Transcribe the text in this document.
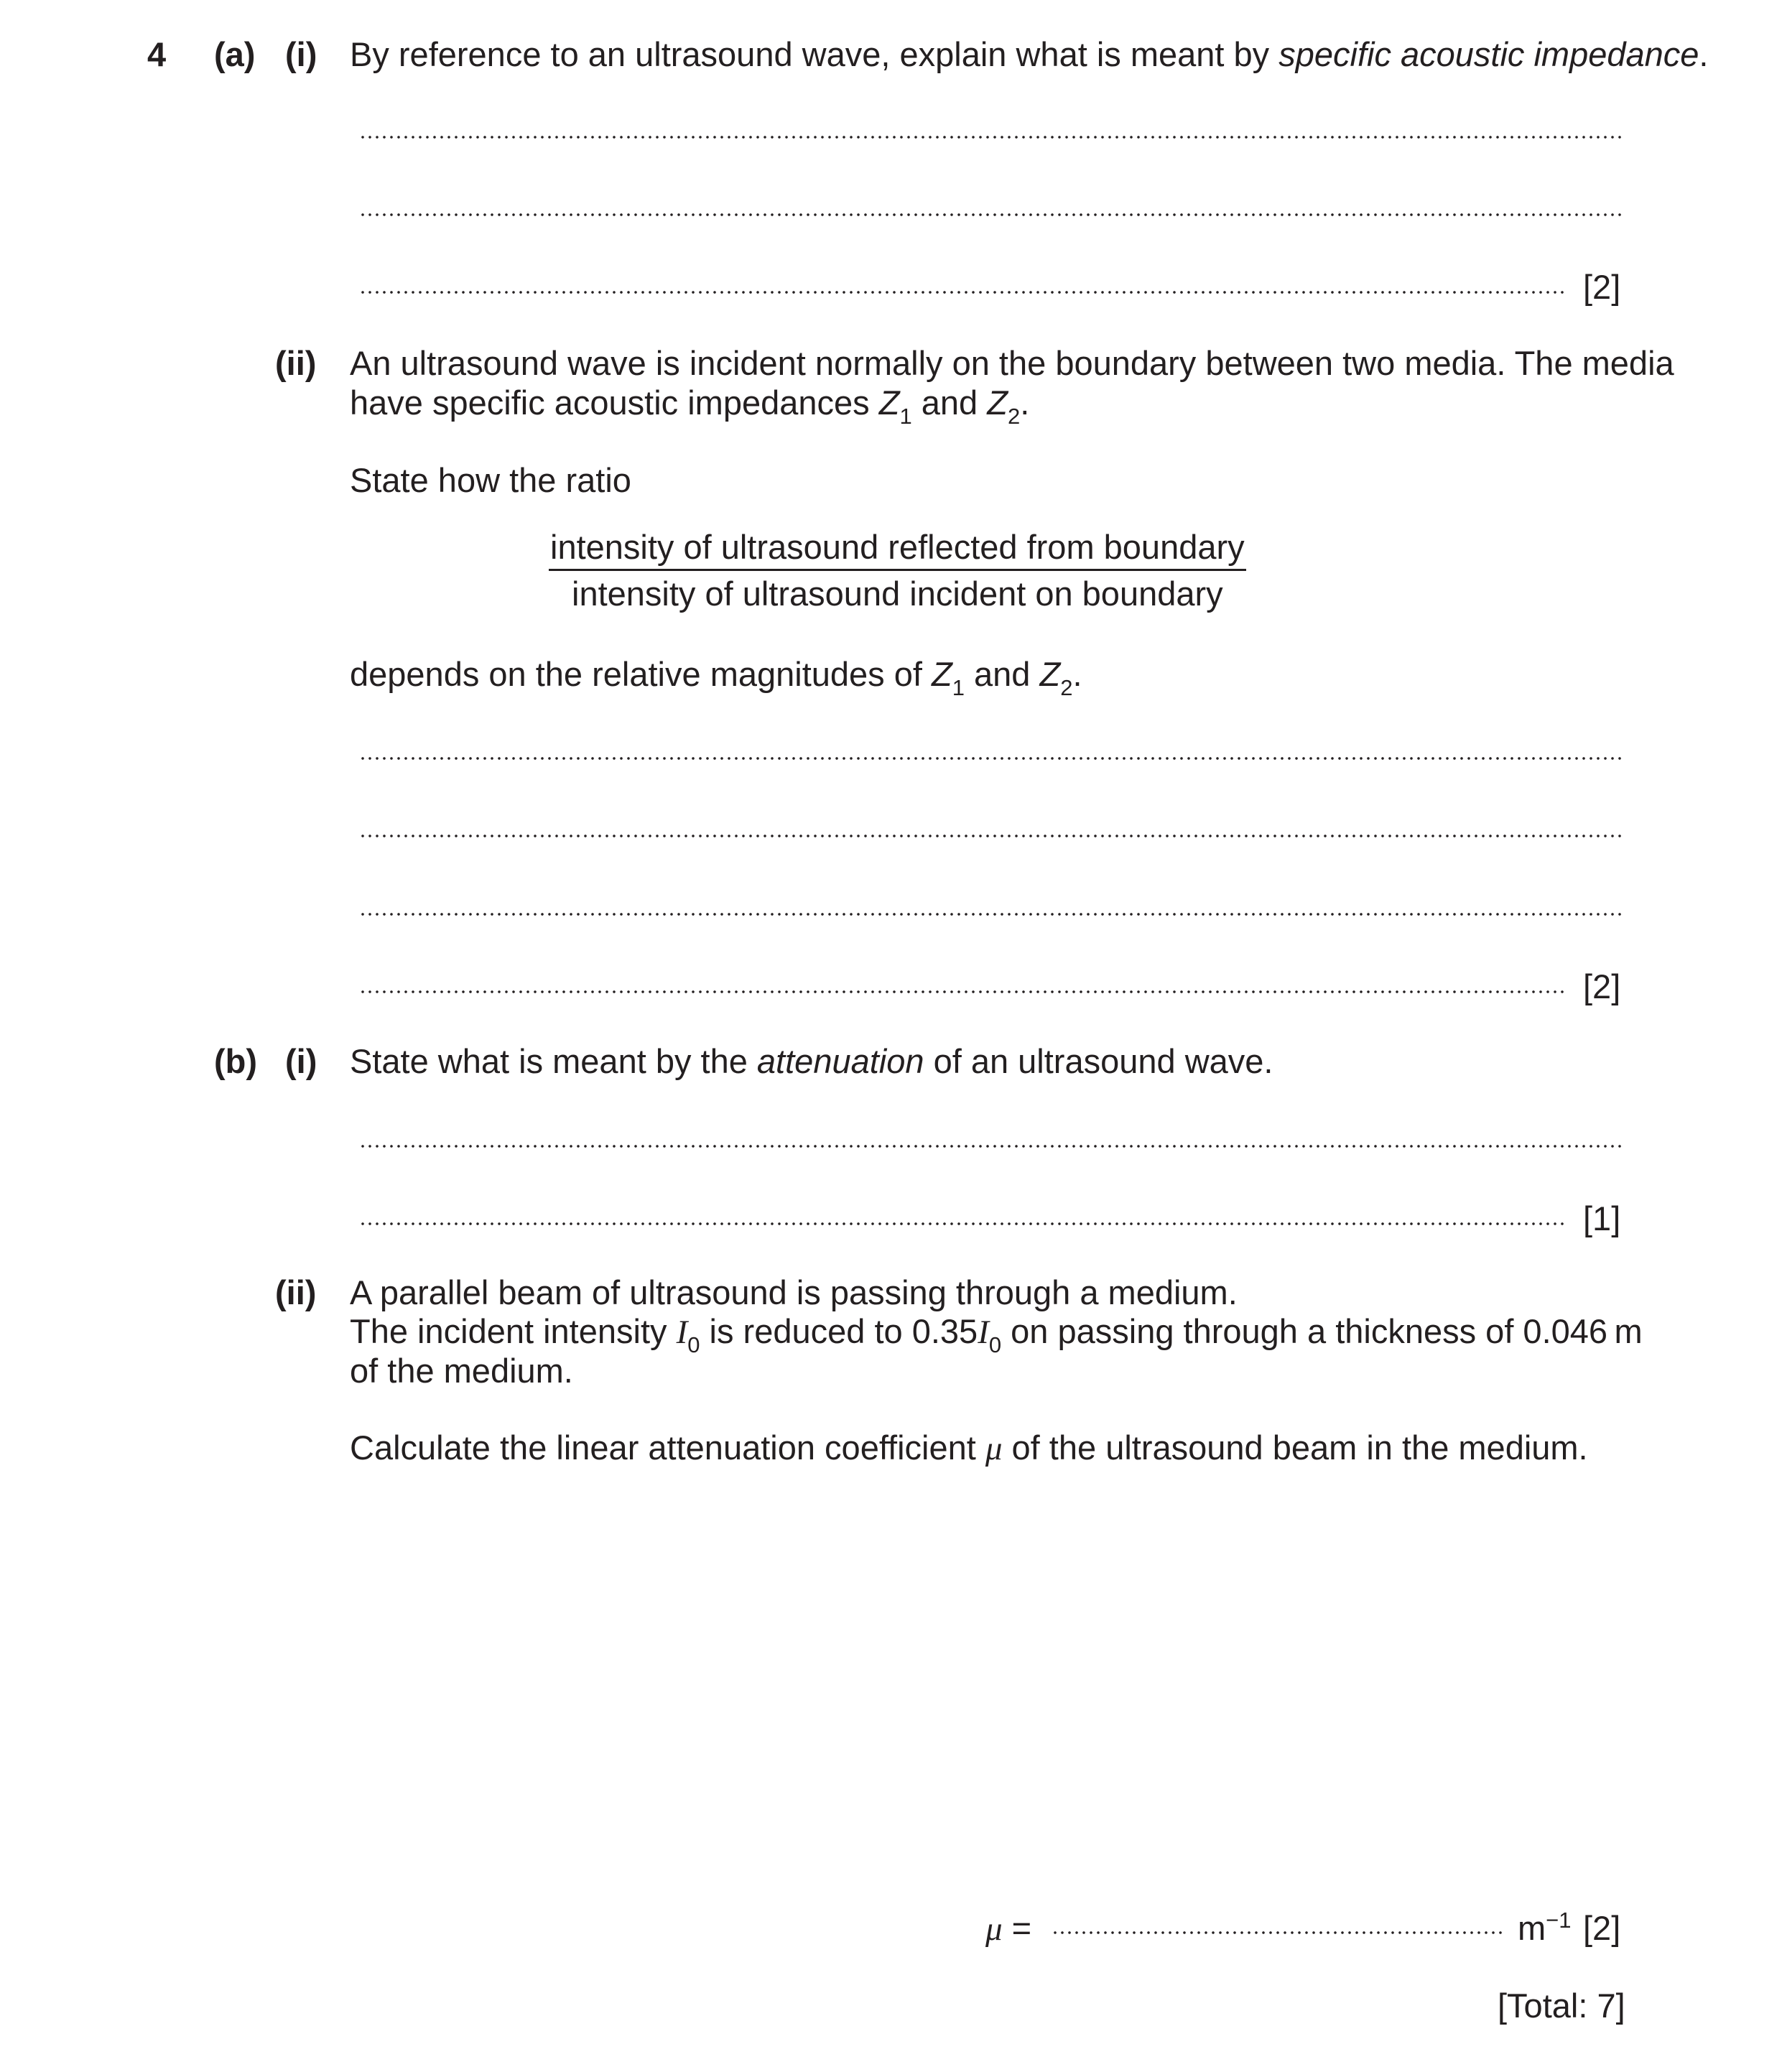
4 (a) (i) By reference to an ultrasound wave, explain what is meant by specific acoustic impedance.
[2]
(ii) An ultrasound wave is incident normally on the boundary between two media. The media
have specific acoustic impedances $Z_1$ and $Z_2$.
State how the ratio
intensity of ultrasound reflected from boundary
intensity of ultrasound incident on boundary
depends on the relative magnitudes of $Z_1$ and $Z_2$.
[2]
(b) (i) State what is meant by the attenuation of an ultrasound wave.
[1]
(ii) A parallel beam of ultrasound is passing through a medium.
The incident intensity $I_0$ is reduced to $0.35I_0$ on passing through a thickness of 0.046 m
of the medium.
Calculate the linear attenuation coefficient μ of the ultrasound beam in the medium.
μ =	$m^{-1}$ [2]
[Total: 7]
